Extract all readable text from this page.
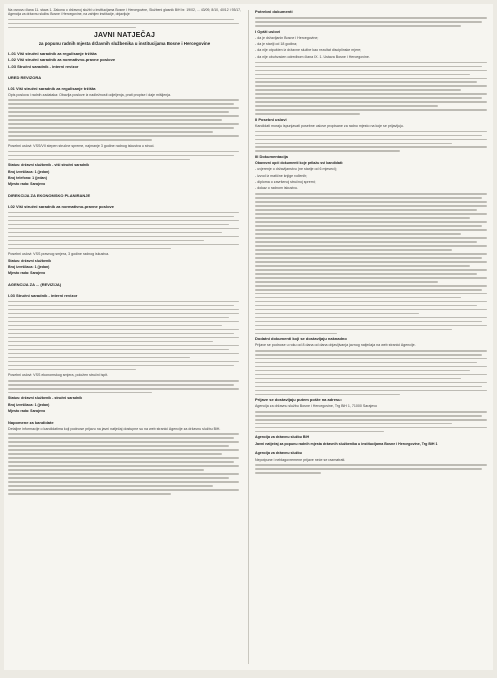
Na osnovu člana 11. stava 1. Zakona o državnoj službi u institucijama Bosne i Hercegovine, Službeni glasnik BiH br. 19/02, ... 43/09, 8/10, 40/12 i 93/17, Agencija za državnu službu Bosne i Hercegovine, na zahtjev institucije, objavljuje

JAVNI NATJEČAJ
za popunu radnih mjesta državnih službenika u institucijama Bosne i Hercegovine
I.-01 Viši stručni saradnik za regulisanje tržišta
I.-02 Viši stručni saradnik za normativno-pravne poslove
I.-03 Stručni saradnik - interni revizor
URED REVIZORA
I-01 Viši stručni saradnik za regulisanje tržišta

Opis poslova i radnih zadataka: Obavlja poslove iz nadležnosti odjeljenja, prati propise i daje mišljenja.

Posebni uslovi: VSS/VII stepen stručne spreme, najmanje 3 godine radnog iskustva u struci.

Status: državni službenik - viši stručni saradnik

Broj izvršilaca: 1 (jedan)

Broj telefona: 1 (jedan)

Mjesto rada: Sarajevo

DIREKCIJA ZA EKONOMSKO PLANIRANJE
I-02 Viši stručni saradnik za normativno-pravne poslove

Posebni uslovi: VSS pravnog smjera, 3 godine radnog iskustva.

Status: državni službenik

Broj izvršilaca: 1 (jedan)

Mjesto rada: Sarajevo

AGENCIJA ZA ... (REVIZIJA)
I-03 Stručni saradnik - interni revizor

Posebni uslovi: VSS ekonomskog smjera, položen stručni ispit.

Status: državni službenik - stručni saradnik

Broj izvršilaca: 1 (jedan)

Mjesto rada: Sarajevo

Napomene za kandidate

Detaljne informacije o kandidatima koji podnose prijavu na javni natječaj dostupne su na web stranici Agencije za državnu službu BiH.

Potrebni dokumenti
I Opšti uslovi

- da je državljanin Bosne i Hercegovine;

- da je stariji od 18 godina;

- da nije otpušten iz državne službe kao rezultat disciplinske mjere;

- da nije obuhvaćen odredbom člana IX. 1. Ustava Bosne i Hercegovine.

II Posebni uslovi

Kandidati moraju ispunjavati posebne uslove propisane za radno mjesto na koje se prijavljuju.

III Dokumentacija

Obavezni opći dokumenti koje prilažu svi kandidati:

- uvjerenje o državljanstvu (ne starije od 6 mjeseci);

- izvod iz matične knjige rođenih;

- diploma o završenoj stručnoj spremi;

- dokaz o radnom iskustvu.

Dodatni dokumenti koji se dostavljaju naknadno

Prijave se podnose u roku od 8 dana od dana objavljivanja javnog natječaja na web stranici Agencije.

Prijave se dostavljaju putem pošte na adresu:

Agencija za državnu službu Bosne i Hercegovine, Trg BiH 1, 71000 Sarajevo

Agencija za državnu službu BiH

Javni natječaj za popunu radnih mjesta državnih službenika u institucijama Bosne i Hercegovine, Trg BiH 1

Agencija za državnu službu

Nepotpune i neblagovremene prijave neće se razmatrati.
